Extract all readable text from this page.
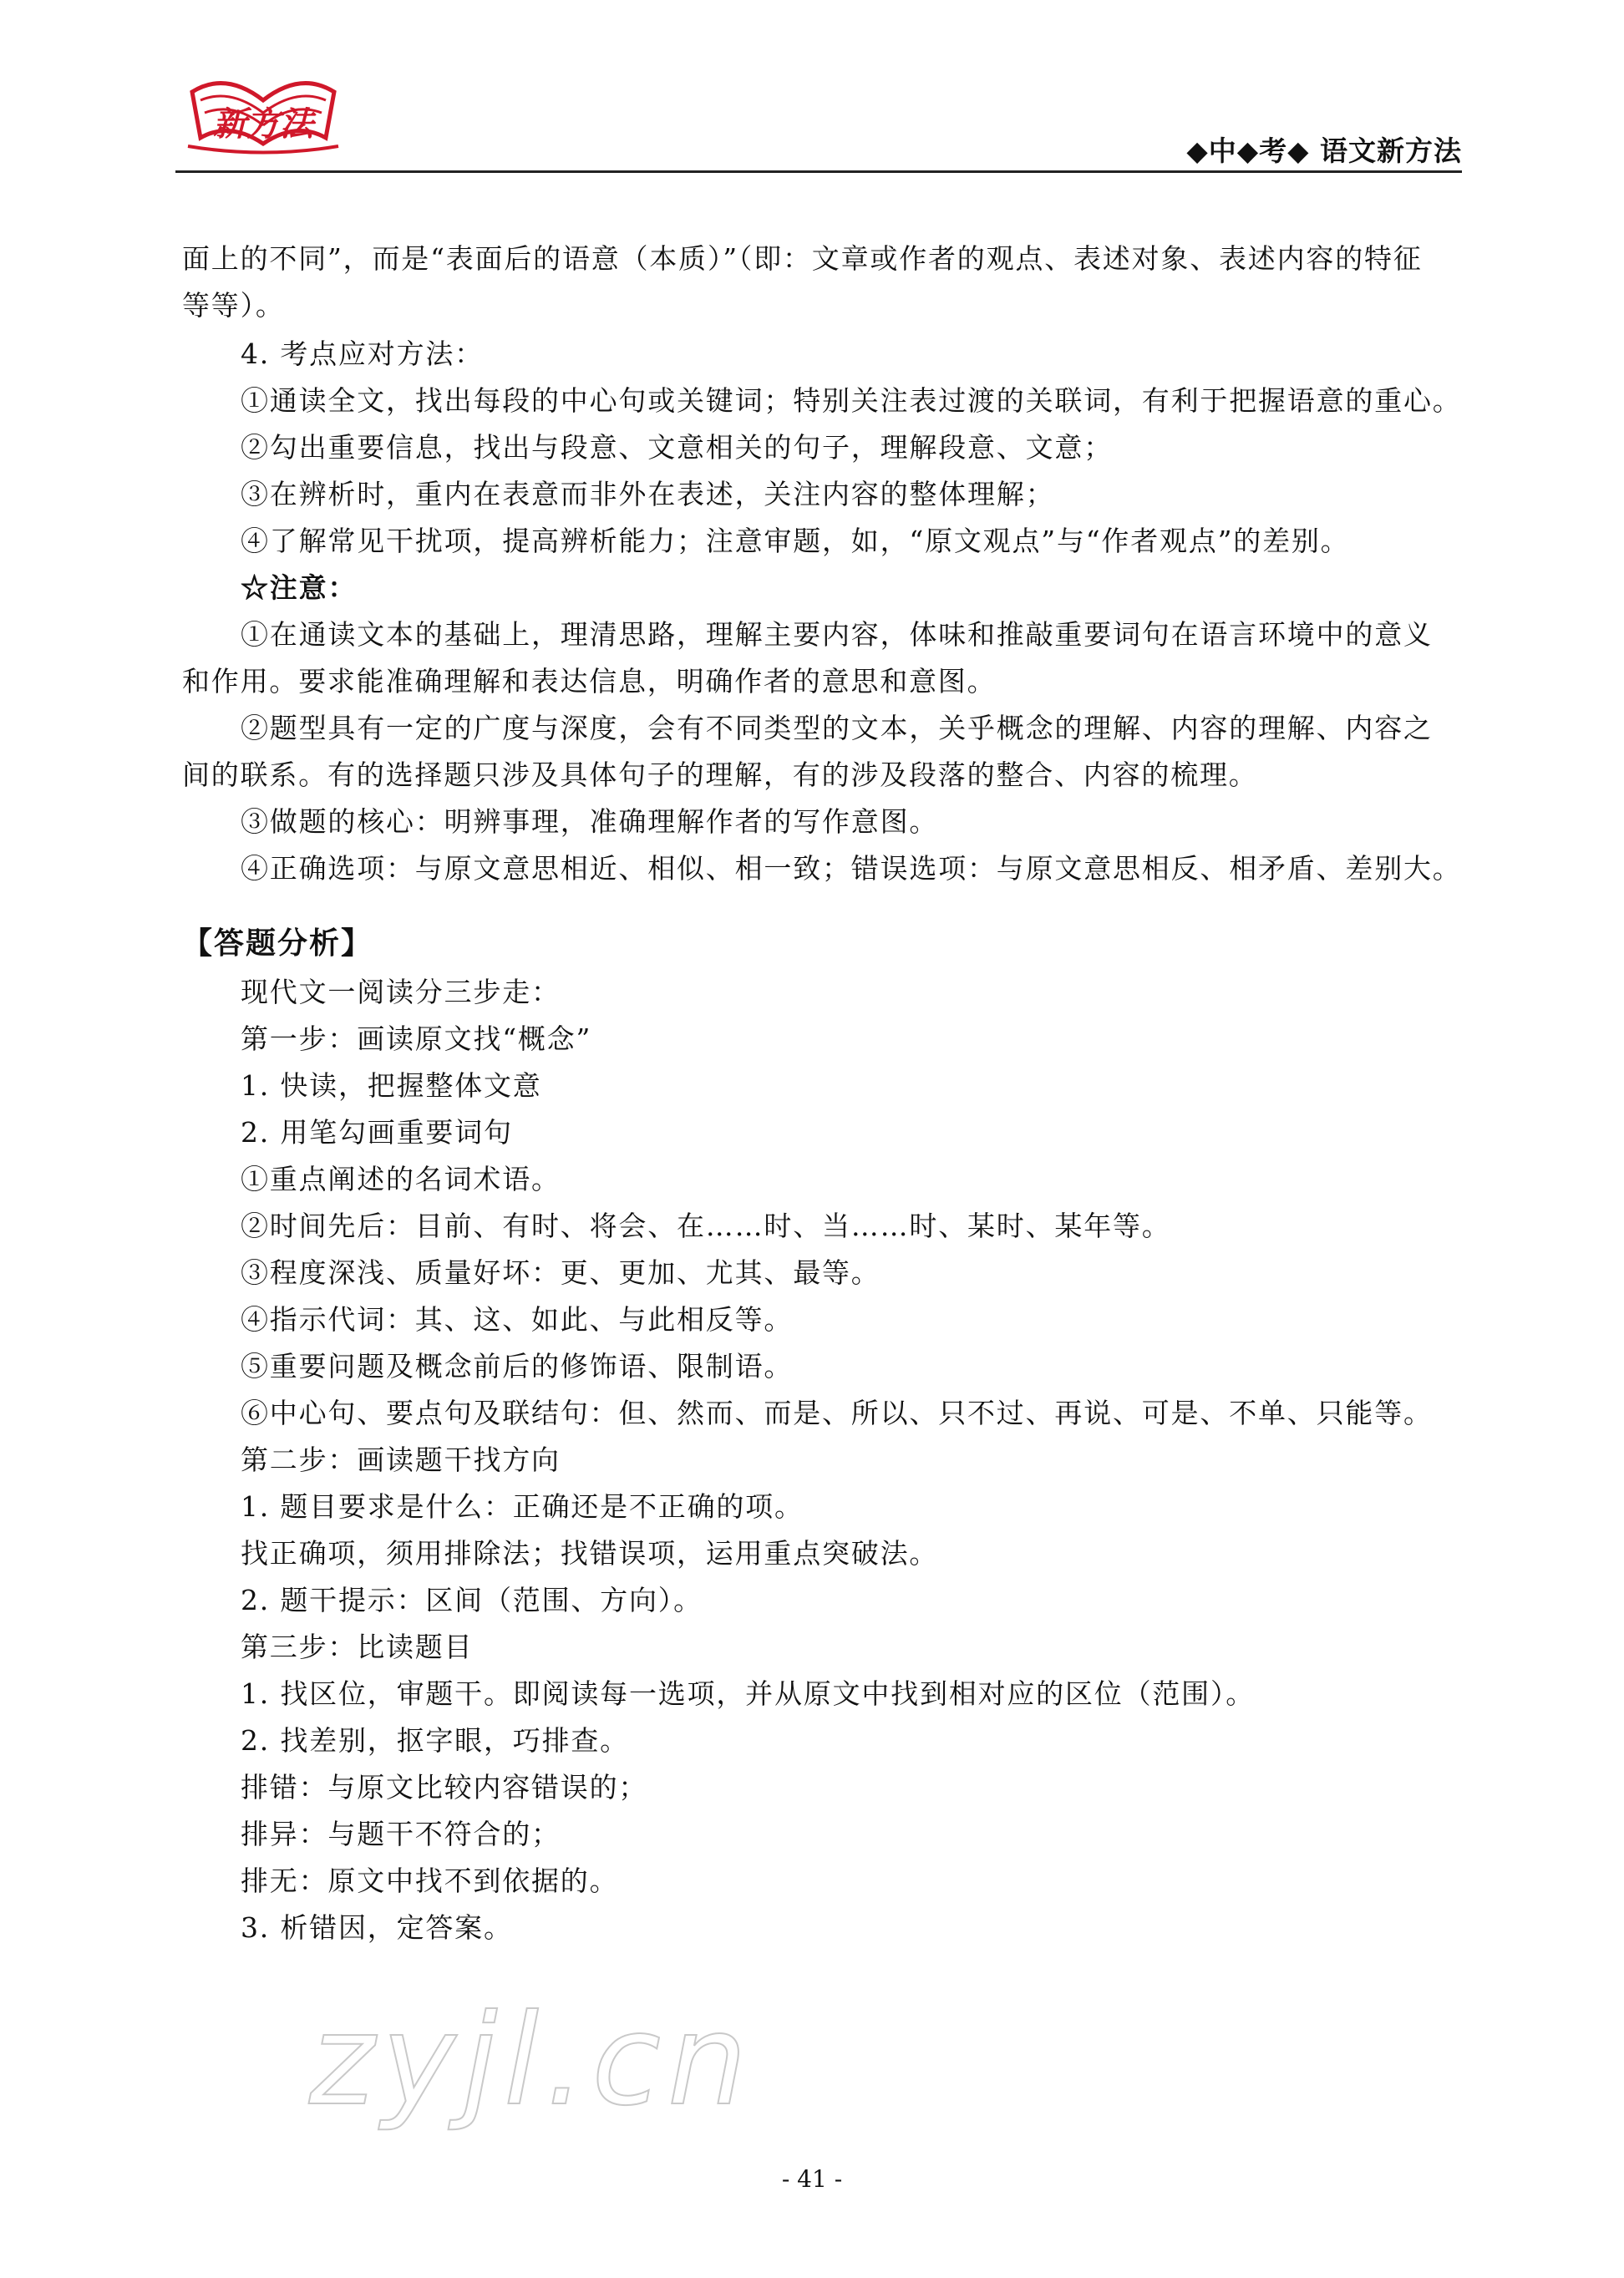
新方法
◆中◆考◆ 语文新方法
面上的不同”，而是“表面后的语意（本质）”（即：文章或作者的观点、表述对象、表述内容的特征
等等）。
4. 考点应对方法：
①通读全文，找出每段的中心句或关键词；特别关注表过渡的关联词，有利于把握语意的重心。
②勾出重要信息，找出与段意、文意相关的句子，理解段意、文意；
③在辨析时，重内在表意而非外在表述，关注内容的整体理解；
④了解常见干扰项，提高辨析能力；注意审题，如，“原文观点”与“作者观点”的差别。
☆注意：
①在通读文本的基础上，理清思路，理解主要内容，体味和推敲重要词句在语言环境中的意义
和作用。要求能准确理解和表达信息，明确作者的意思和意图。
②题型具有一定的广度与深度，会有不同类型的文本，关乎概念的理解、内容的理解、内容之
间的联系。有的选择题只涉及具体句子的理解，有的涉及段落的整合、内容的梳理。
③做题的核心：明辨事理，准确理解作者的写作意图。
④正确选项：与原文意思相近、相似、相一致；错误选项：与原文意思相反、相矛盾、差别大。
【答题分析】
现代文一阅读分三步走：
第一步：画读原文找“概念”
1. 快读，把握整体文意
2. 用笔勾画重要词句
①重点阐述的名词术语。
②时间先后：目前、有时、将会、在……时、当……时、某时、某年等。
③程度深浅、质量好坏：更、更加、尤其、最等。
④指示代词：其、这、如此、与此相反等。
⑤重要问题及概念前后的修饰语、限制语。
⑥中心句、要点句及联结句：但、然而、而是、所以、只不过、再说、可是、不单、只能等。
第二步：画读题干找方向
1. 题目要求是什么：正确还是不正确的项。
找正确项，须用排除法；找错误项，运用重点突破法。
2. 题干提示：区间（范围、方向）。
第三步：比读题目
1. 找区位，审题干。即阅读每一选项，并从原文中找到相对应的区位（范围）。
2. 找差别，抠字眼，巧排查。
排错：与原文比较内容错误的；
排异：与题干不符合的；
排无：原文中找不到依据的。
3. 析错因，定答案。
zyjl.cn
- 41 -
